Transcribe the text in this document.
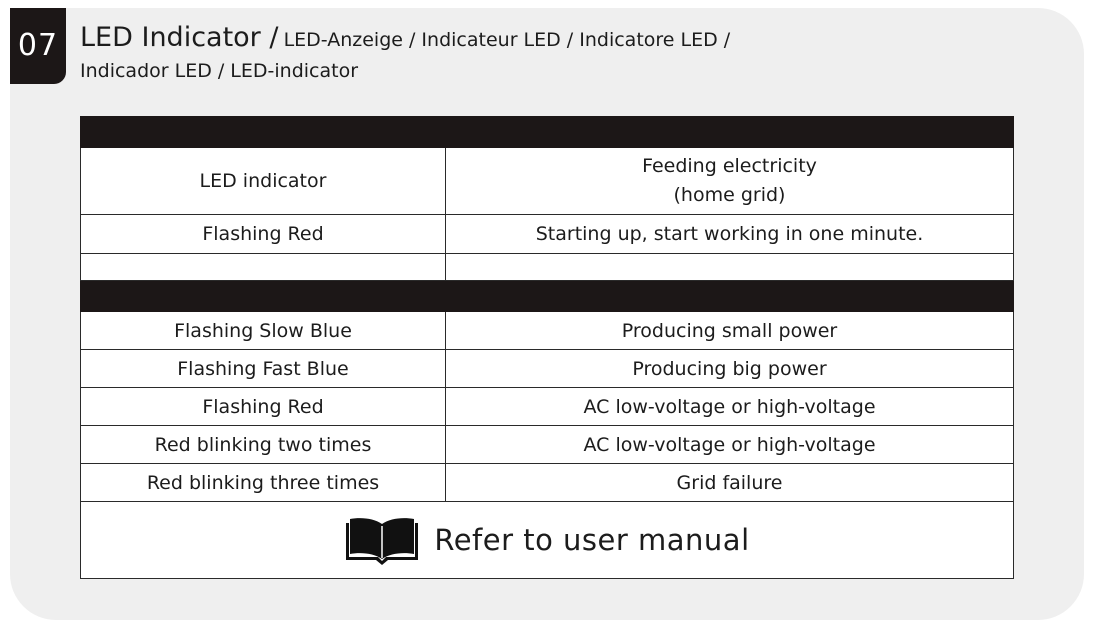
07 LED Indicator / LED-Anzeige / Indicateur LED / Indicatore LED /
Indicador LED / LED-indicator

LED indicator	Feeding electricity
(home grid)

Flashing Red	Starting up, start working in one minute.

Flashing Slow Blue	Producing small power
Flashing Fast Blue	Producing big power
Flashing Red	AC low-voltage or high-voltage
Red blinking two times	AC low-voltage or high-voltage
Red blinking three times	Grid failure

Refer to user manual	
